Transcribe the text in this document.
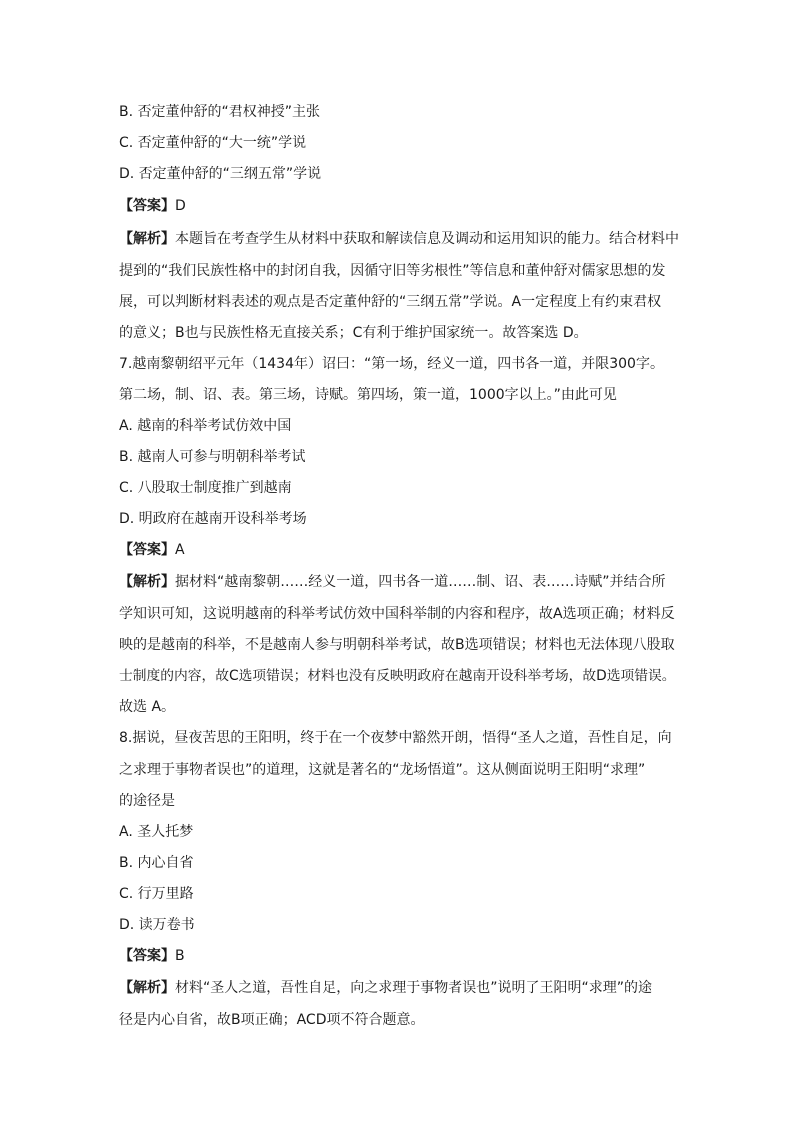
B. 否定董仲舒的“君权神授”主张
C. 否定董仲舒的“大一统”学说
D. 否定董仲舒的“三纲五常”学说
【答案】D
【解析】本题旨在考查学生从材料中获取和解读信息及调动和运用知识的能力。结合材料中
提到的“我们民族性格中的封闭自我，因循守旧等劣根性”等信息和董仲舒对儒家思想的发
展，可以判断材料表述的观点是否定董仲舒的“三纲五常”学说。A一定程度上有约束君权
的意义；B也与民族性格无直接关系；C有利于维护国家统一。故答案选 D。
7.越南黎朝绍平元年（1434年）诏曰：“第一场，经义一道，四书各一道，并限300字。
第二场，制、诏、表。第三场，诗赋。第四场，策一道，1000字以上。”由此可见
A. 越南的科举考试仿效中国
B. 越南人可参与明朝科举考试
C. 八股取士制度推广到越南
D. 明政府在越南开设科举考场
【答案】A
【解析】据材料“越南黎朝……经义一道，四书各一道……制、诏、表……诗赋”并结合所
学知识可知，这说明越南的科举考试仿效中国科举制的内容和程序，故A选项正确；材料反
映的是越南的科举，不是越南人参与明朝科举考试，故B选项错误；材料也无法体现八股取
士制度的内容，故C选项错误；材料也没有反映明政府在越南开设科举考场，故D选项错误。
故选 A。
8.据说，昼夜苦思的王阳明，终于在一个夜梦中豁然开朗，悟得“圣人之道，吾性自足，向
之求理于事物者误也”的道理，这就是著名的“龙场悟道”。这从侧面说明王阳明“求理”
的途径是
A. 圣人托梦
B. 内心自省
C. 行万里路
D. 读万卷书
【答案】B
【解析】材料“圣人之道，吾性自足，向之求理于事物者误也”说明了王阳明“求理”的途
径是内心自省，故B项正确；ACD项不符合题意。
